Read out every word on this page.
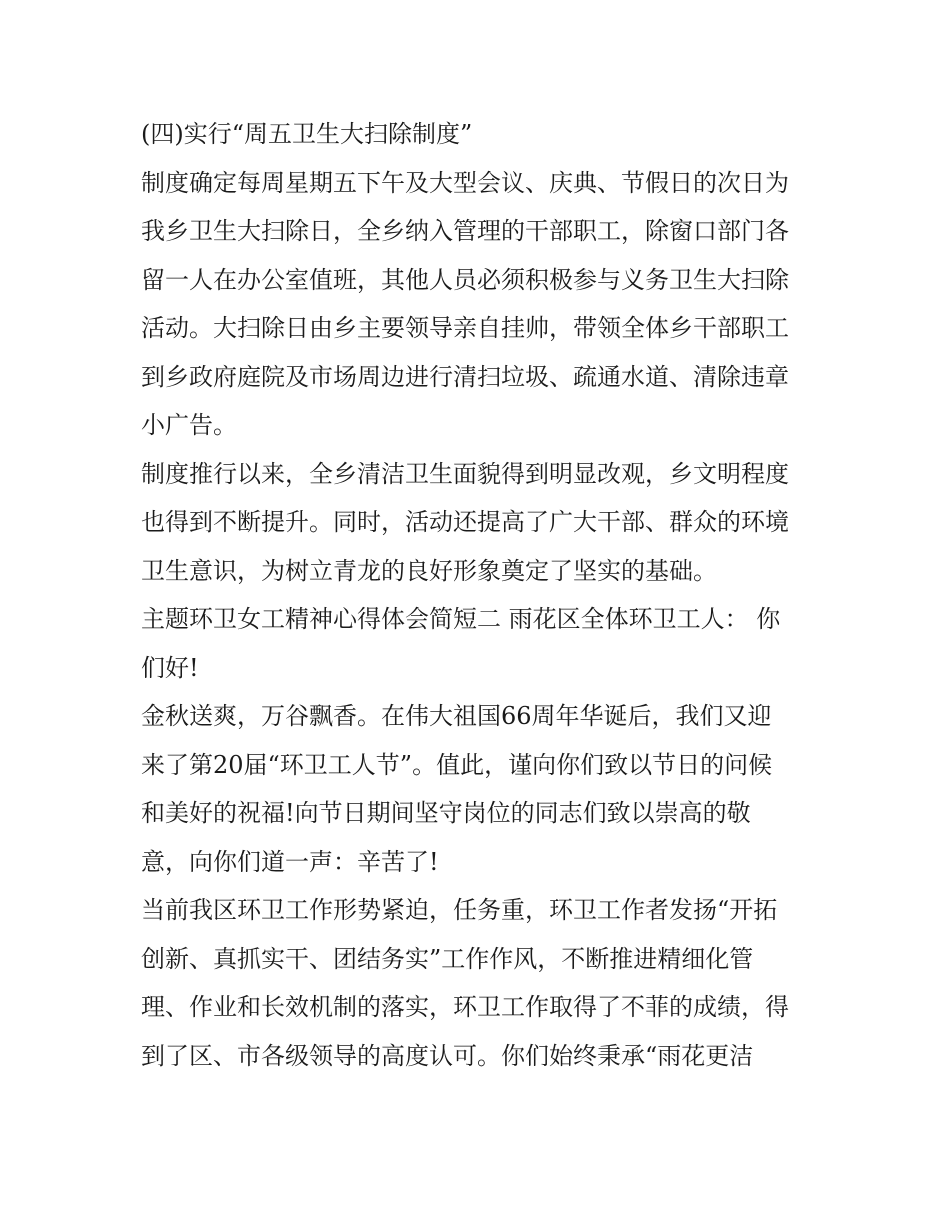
(四)实行“周五卫生大扫除制度”

制度确定每周星期五下午及大型会议、庆典、节假日的次日为

我乡卫生大扫除日，全乡纳入管理的干部职工，除窗口部门各

留一人在办公室值班，其他人员必须积极参与义务卫生大扫除

活动。大扫除日由乡主要领导亲自挂帅，带领全体乡干部职工

到乡政府庭院及市场周边进行清扫垃圾、疏通水道、清除违章

小广告。

制度推行以来，全乡清洁卫生面貌得到明显改观，乡文明程度

也得到不断提升。同时，活动还提高了广大干部、群众的环境

卫生意识，为树立青龙的良好形象奠定了坚实的基础。

主题环卫女工精神心得体会简短二 雨花区全体环卫工人： 你

们好!

金秋送爽，万谷飘香。在伟大祖国66周年华诞后，我们又迎

来了第20届“环卫工人节”。值此，谨向你们致以节日的问候

和美好的祝福!向节日期间坚守岗位的同志们致以崇高的敬

意，向你们道一声：辛苦了!

当前我区环卫工作形势紧迫，任务重，环卫工作者发扬“开拓

创新、真抓实干、团结务实”工作作风，不断推进精细化管

理、作业和长效机制的落实，环卫工作取得了不菲的成绩，得

到了区、市各级领导的高度认可。你们始终秉承“雨花更洁
